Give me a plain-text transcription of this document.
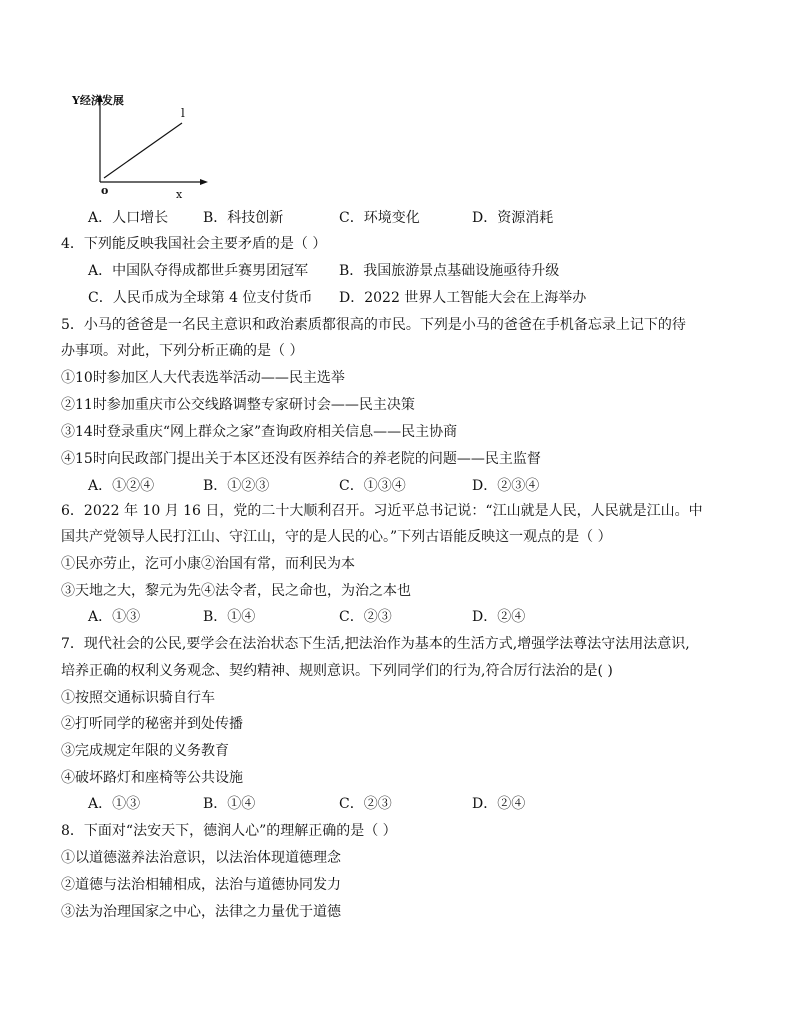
Y经济发展
l
o	x
A．人口增长 B．科技创新	C．环境变化	D．资源消耗
4．下列能反映我国社会主要矛盾的是（ ）
A．中国队夺得成都世乒赛男团冠军 B．我国旅游景点基础设施亟待升级
C．人民币成为全球第 4 位支付货币 D．2022 世界人工智能大会在上海举办
5．小马的爸爸是一名民主意识和政治素质都很高的市民。下列是小马的爸爸在手机备忘录上记下的待
办事项。对此，下列分析正确的是（ ）
①10时参加区人大代表选举活动——民主选举
②11时参加重庆市公交线路调整专家研讨会——民主决策
③14时登录重庆“网上群众之家”查询政府相关信息——民主协商
④15时向民政部门提出关于本区还没有医养结合的养老院的问题——民主监督
A．①②④	B．①②③	C．①③④	D．②③④
6．2022 年 10 月 16 日，党的二十大顺利召开。习近平总书记说：“江山就是人民，人民就是江山。中
国共产党领导人民打江山、守江山，守的是人民的心。”下列古语能反映这一观点的是（ ）
①民亦劳止，汔可小康②治国有常，而利民为本
③天地之大，黎元为先④法令者，民之命也，为治之本也
A．①③	B．①④	C．②③	D．②④
7．现代社会的公民,要学会在法治状态下生活,把法治作为基本的生活方式,增强学法尊法守法用法意识,
培养正确的权利义务观念、契约精神、规则意识。下列同学们的行为,符合厉行法治的是( )
①按照交通标识骑自行车
②打听同学的秘密并到处传播
③完成规定年限的义务教育
④破坏路灯和座椅等公共设施
A．①③	B．①④	C．②③	D．②④
8．下面对“法安天下，德润人心”的理解正确的是（ ）
①以道德滋养法治意识，以法治体现道德理念
②道德与法治相辅相成，法治与道德协同发力
③法为治理国家之中心，法律之力量优于道德
